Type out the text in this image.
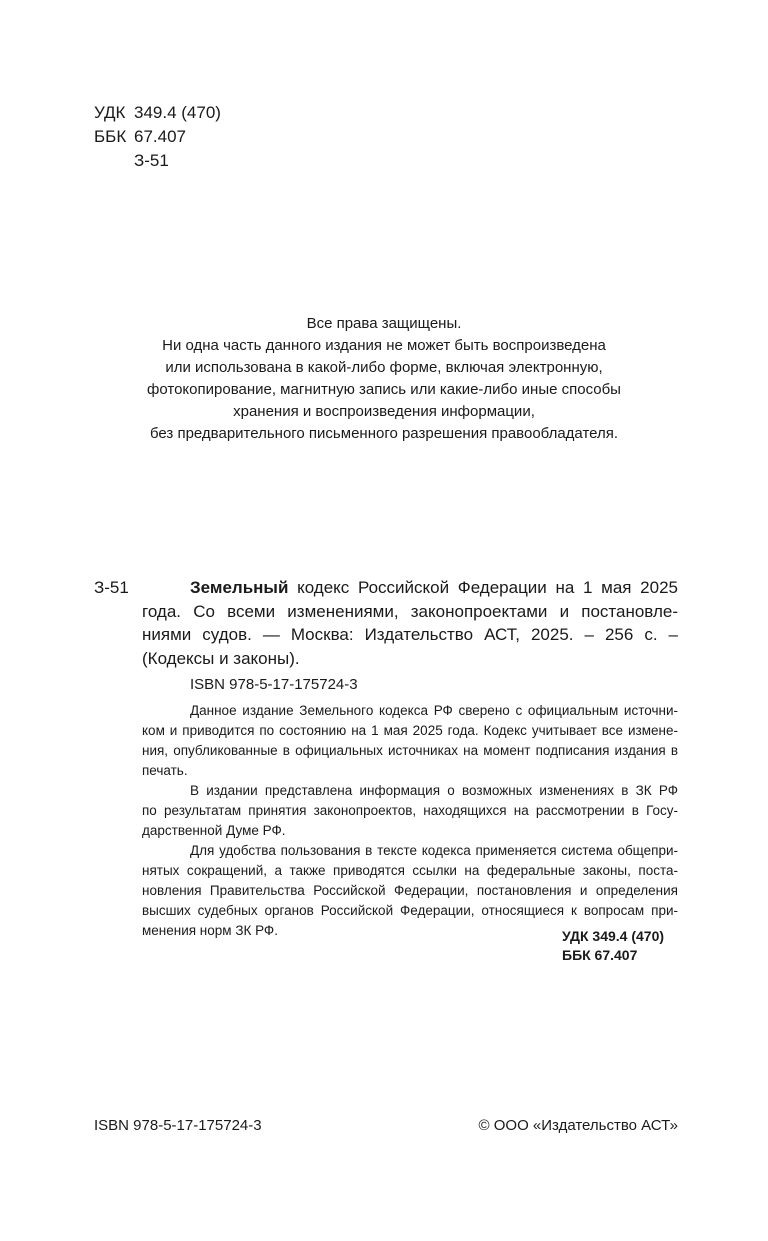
УДК 349.4 (470)
ББК 67.407
З-51
Все права защищены.
Ни одна часть данного издания не может быть воспроизведена
или использована в какой-либо форме, включая электронную,
фотокопирование, магнитную запись или какие-либо иные способы
хранения и воспроизведения информации,
без предварительного письменного разрешения правообладателя.
З-51	Земельный кодекс Российской Федерации на 1 мая 2025
года. Со всеми изменениями, законопроектами и постановле-
ниями судов. — Москва: Издательство АСТ, 2025. – 256 с. –
(Кодексы и законы).
ISBN 978-5-17-175724-3
Данное издание Земельного кодекса РФ сверено с официальным источни-
ком и приводится по состоянию на 1 мая 2025 года. Кодекс учитывает все измене-
ния, опубликованные в официальных источниках на момент подписания издания в
печать.
В издании представлена информация о возможных изменениях в ЗК РФ
по результатам принятия законопроектов, находящихся на рассмотрении в Госу-
дарственной Думе РФ.
Для удобства пользования в тексте кодекса применяется система общепри-
нятых сокращений, а также приводятся ссылки на федеральные законы, поста-
новления Правительства Российской Федерации, постановления и определения
высших судебных органов Российской Федерации, относящиеся к вопросам при-
менения норм ЗК РФ.	УДК 349.4 (470)
ББК 67.407
ISBN 978-5-17-175724-3	© ООО «Издательство АСТ»
